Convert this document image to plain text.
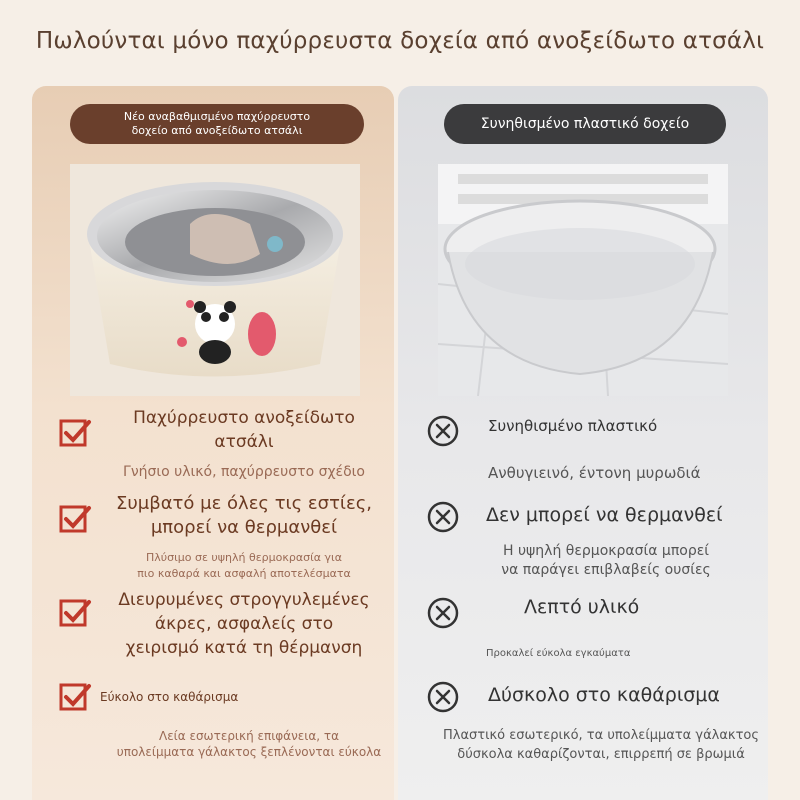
Πωλούνται μόνο παχύρρευστα δοχεία από ανοξείδωτο ατσάλι
Νέο αναβαθμισμένο παχύρρευστο
δοχείο από ανοξείδωτο ατσάλι
Παχύρρευστο ανοξείδωτο
ατσάλι
Γνήσιο υλικό, παχύρρευστο σχέδιο
Συμβατό με όλες τις εστίες,
μπορεί να θερμανθεί
Πλύσιμο σε υψηλή θερμοκρασία για
πιο καθαρά και ασφαλή αποτελέσματα
Διευρυμένες στρογγυλεμένες
άκρες, ασφαλείς στο
χειρισμό κατά τη θέρμανση
Εύκολο στο καθάρισμα
Λεία εσωτερική επιφάνεια, τα
υπολείμματα γάλακτος ξεπλένονται εύκολα
Συνηθισμένο πλαστικό δοχείο
Συνηθισμένο πλαστικό
Ανθυγιεινό, έντονη μυρωδιά
Δεν μπορεί να θερμανθεί
Η υψηλή θερμοκρασία μπορεί
να παράγει επιβλαβείς ουσίες
Λεπτό υλικό
Προκαλεί εύκολα εγκαύματα
Δύσκολο στο καθάρισμα
Πλαστικό εσωτερικό, τα υπολείμματα γάλακτος
δύσκολα καθαρίζονται, επιρρεπή σε βρωμιά
